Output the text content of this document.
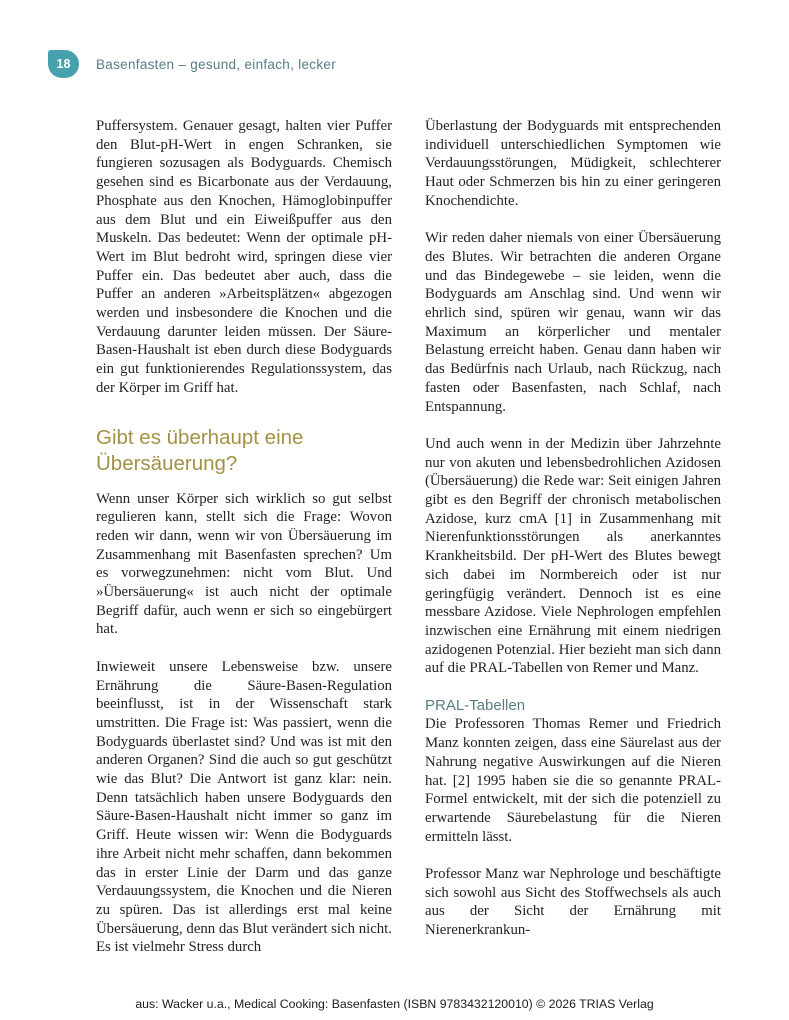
18	Basenfasten – gesund, einfach, lecker

Puffersystem. Genauer gesagt, halten vier Puffer den Blut-pH-Wert in engen Schranken, sie fungieren sozusagen als Bodyguards. Chemisch gesehen sind es Bicarbonate aus der Verdauung, Phosphate aus den Knochen, Hämoglobinpuffer aus dem Blut und ein Eiweißpuffer aus den Muskeln. Das bedeutet: Wenn der optimale pH-Wert im Blut bedroht wird, springen diese vier Puffer ein. Das bedeutet aber auch, dass die Puffer an anderen »Arbeitsplätzen« abgezogen werden und insbesondere die Knochen und die Verdauung darunter leiden müssen. Der Säure-Basen-Haushalt ist eben durch diese Bodyguards ein gut funktionierendes Regulationssystem, das der Körper im Griff hat.

Gibt es überhaupt eine Übersäuerung?

Wenn unser Körper sich wirklich so gut selbst regulieren kann, stellt sich die Frage: Wovon reden wir dann, wenn wir von Übersäuerung im Zusammenhang mit Basenfasten sprechen? Um es vorwegzunehmen: nicht vom Blut. Und »Übersäuerung« ist auch nicht der optimale Begriff dafür, auch wenn er sich so eingebürgert hat.

Inwieweit unsere Lebensweise bzw. unsere Ernährung die Säure-Basen-Regulation beeinflusst, ist in der Wissenschaft stark umstritten. Die Frage ist: Was passiert, wenn die Bodyguards überlastet sind? Und was ist mit den anderen Organen? Sind die auch so gut geschützt wie das Blut? Die Antwort ist ganz klar: nein. Denn tatsächlich haben unsere Bodyguards den Säure-Basen-Haushalt nicht immer so ganz im Griff. Heute wissen wir: Wenn die Bodyguards ihre Arbeit nicht mehr schaffen, dann bekommen das in erster Linie der Darm und das ganze Verdauungssystem, die Knochen und die Nieren zu spüren. Das ist allerdings erst mal keine Übersäuerung, denn das Blut verändert sich nicht. Es ist vielmehr Stress durch

Überlastung der Bodyguards mit entsprechenden individuell unterschiedlichen Symptomen wie Verdauungsstörungen, Müdigkeit, schlechterer Haut oder Schmerzen bis hin zu einer geringeren Knochendichte.

Wir reden daher niemals von einer Übersäuerung des Blutes. Wir betrachten die anderen Organe und das Bindegewebe – sie leiden, wenn die Bodyguards am Anschlag sind. Und wenn wir ehrlich sind, spüren wir genau, wann wir das Maximum an körperlicher und mentaler Belastung erreicht haben. Genau dann haben wir das Bedürfnis nach Urlaub, nach Rückzug, nach fasten oder Basenfasten, nach Schlaf, nach Entspannung.

Und auch wenn in der Medizin über Jahrzehnte nur von akuten und lebensbedrohlichen Azidosen (Übersäuerung) die Rede war: Seit einigen Jahren gibt es den Begriff der chronisch metabolischen Azidose, kurz cmA [1] in Zusammenhang mit Nierenfunktionsstörungen als anerkanntes Krankheitsbild. Der pH-Wert des Blutes bewegt sich dabei im Normbereich oder ist nur geringfügig verändert. Dennoch ist es eine messbare Azidose. Viele Nephrologen empfehlen inzwischen eine Ernährung mit einem niedrigen azidogenen Potenzial. Hier bezieht man sich dann auf die PRAL-Tabellen von Remer und Manz.

PRAL-Tabellen

Die Professoren Thomas Remer und Friedrich Manz konnten zeigen, dass eine Säurelast aus der Nahrung negative Auswirkungen auf die Nieren hat. [2] 1995 haben sie die so genannte PRAL-Formel entwickelt, mit der sich die potenziell zu erwartende Säurebelastung für die Nieren ermitteln lässt.

Professor Manz war Nephrologe und beschäftigte sich sowohl aus Sicht des Stoffwechsels als auch aus der Sicht der Ernährung mit Nierenerkrankun-

aus: Wacker u.a., Medical Cooking: Basenfasten (ISBN 9783432120010) © 2026 TRIAS Verlag
